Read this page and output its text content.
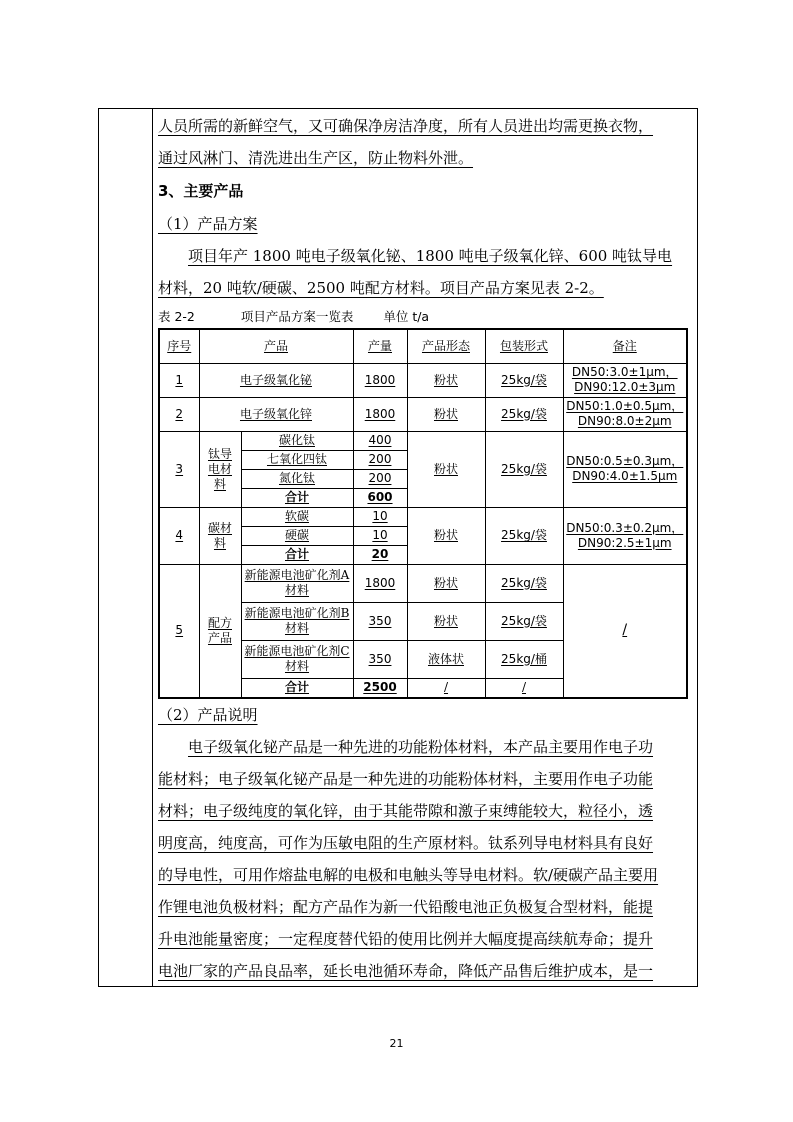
人员所需的新鲜空气，又可确保净房洁净度，所有人员进出均需更换衣物，
通过风淋门、清洗进出生产区，防止物料外泄。
3、主要产品
（1）产品方案
项目年产 1800 吨电子级氧化铋、1800 吨电子级氧化锌、600 吨钛导电
材料，20 吨软/硬碳、2500 吨配方材料。项目产品方案见表 2-2。
表 2-2	项目产品方案一览表 单位 t/a
序号	产品		产量	产品形态	包装形式	备注
1	电子级氧化铋		1800	粉状	25kg/袋	DN50:3.0±1μm，
DN90:12.0±3μm

2	电子级氧化锌		1800	粉状	25kg/袋	DN50:1.0±0.5μm，
DN90:8.0±2μm

3	钛导电材料	碳化钛	400	粉状	25kg/袋	DN50:0.5±0.3μm，
DN90:4.0±1.5μm

		七氧化四钛	200			
		氮化钛	200			
		合计	600			
4	碳材料	软碳	10	粉状	25kg/袋	DN50:0.3±0.2μm，
DN90:2.5±1μm

		硬碳	10			
		合计	20			
5	配方产品	新能源电池矿化剂A材料	1800	粉状	25kg/袋	/
		新能源电池矿化剂B材料	350	粉状	25kg/袋	
		新能源电池矿化剂C材料	350	液体状	25kg/桶	
		合计	2500	/	/	
（2）产品说明
电子级氧化铋产品是一种先进的功能粉体材料，本产品主要用作电子功
能材料；电子级氧化铋产品是一种先进的功能粉体材料，主要用作电子功能
材料；电子级纯度的氧化锌，由于其能带隙和激子束缚能较大，粒径小，透
明度高，纯度高，可作为压敏电阻的生产原材料。钛系列导电材料具有良好
的导电性，可用作熔盐电解的电极和电触头等导电材料。软/硬碳产品主要用
作锂电池负极材料；配方产品作为新一代铅酸电池正负极复合型材料，能提
升电池能量密度；一定程度替代铅的使用比例并大幅度提高续航寿命；提升
电池厂家的产品良品率，延长电池循环寿命，降低产品售后维护成本，是一
21
